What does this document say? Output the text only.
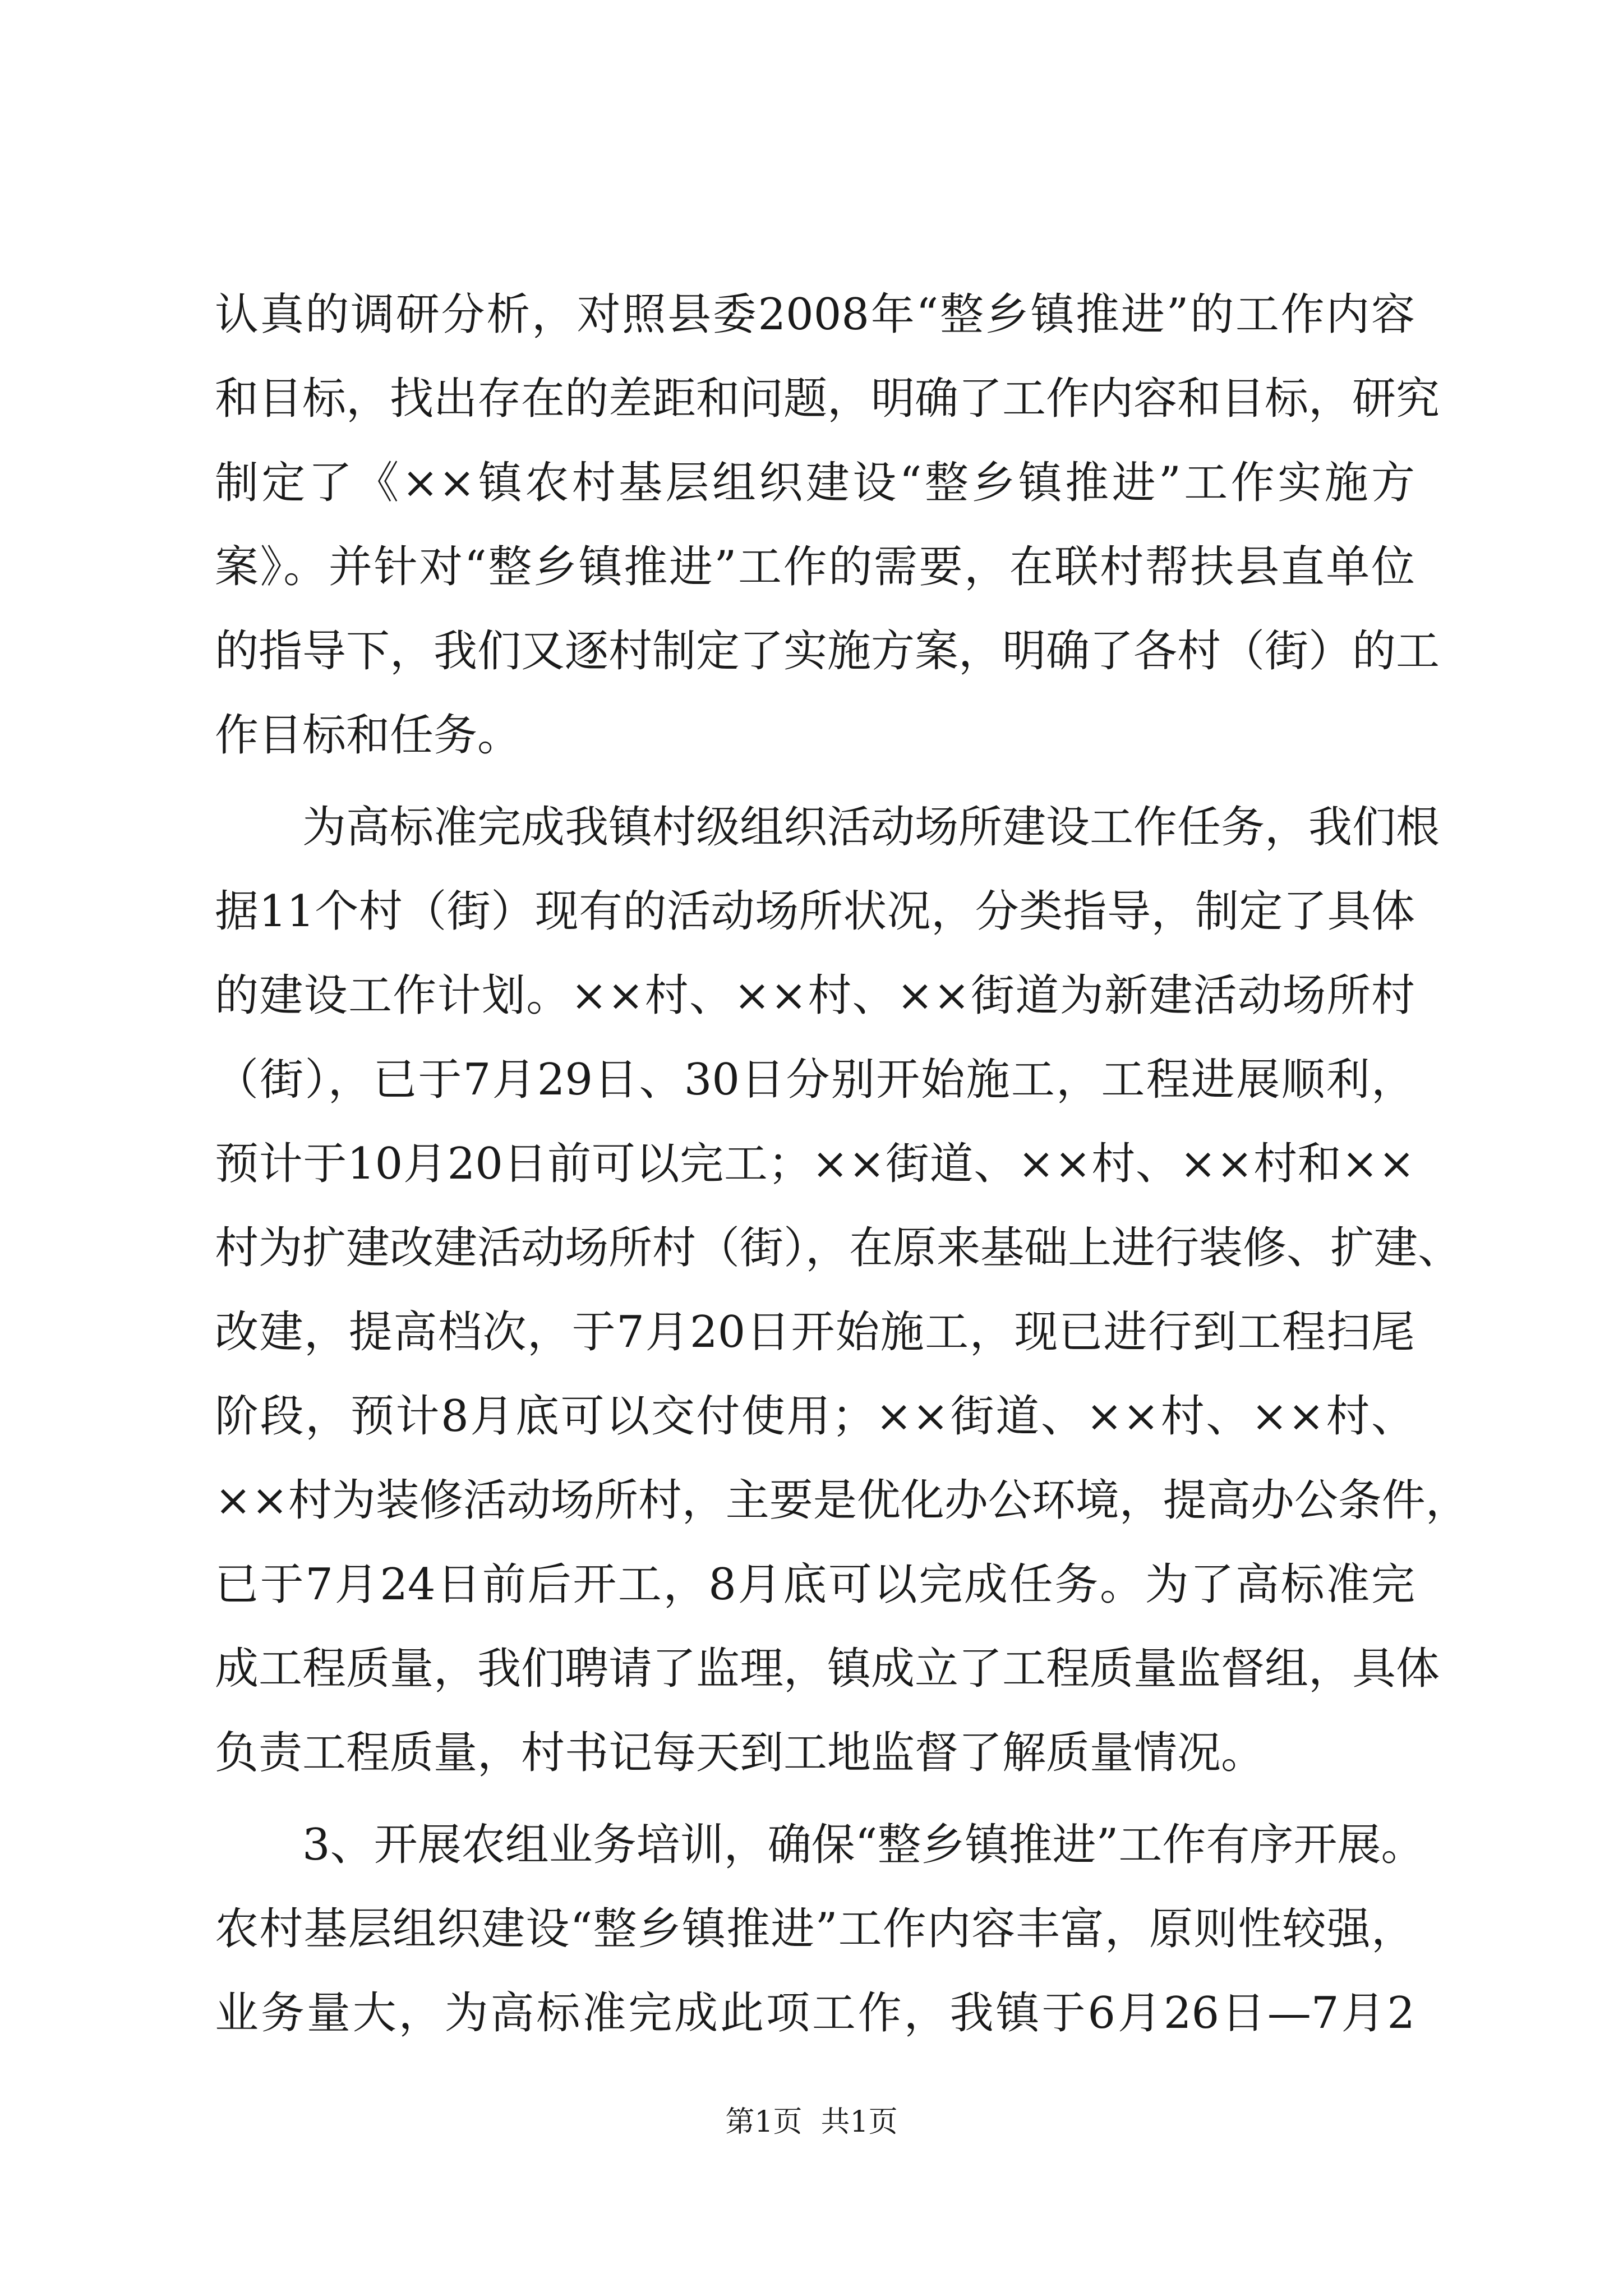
认真的调研分析，对照县委2008年“整乡镇推进”的工作内容
和目标，找出存在的差距和问题，明确了工作内容和目标，研究
制定了《××镇农村基层组织建设“整乡镇推进”工作实施方
案》。并针对“整乡镇推进”工作的需要，在联村帮扶县直单位
的指导下，我们又逐村制定了实施方案，明确了各村（街）的工
作目标和任务。
　　为高标准完成我镇村级组织活动场所建设工作任务，我们根
据11个村（街）现有的活动场所状况，分类指导，制定了具体
的建设工作计划。××村、××村、××街道为新建活动场所村
（街），已于7月29日、30日分别开始施工，工程进展顺利，
预计于10月20日前可以完工；××街道、××村、××村和××
村为扩建改建活动场所村（街），在原来基础上进行装修、扩建、
改建，提高档次，于7月20日开始施工，现已进行到工程扫尾
阶段，预计8月底可以交付使用；××街道、××村、××村、
××村为装修活动场所村，主要是优化办公环境，提高办公条件，
已于7月24日前后开工，8月底可以完成任务。为了高标准完
成工程质量，我们聘请了监理，镇成立了工程质量监督组，具体
负责工程质量，村书记每天到工地监督了解质量情况。
　　3、开展农组业务培训，确保“整乡镇推进”工作有序开展。
农村基层组织建设“整乡镇推进”工作内容丰富，原则性较强，
业务量大，为高标准完成此项工作，我镇于6月26日—7月2
第1页  共1页
